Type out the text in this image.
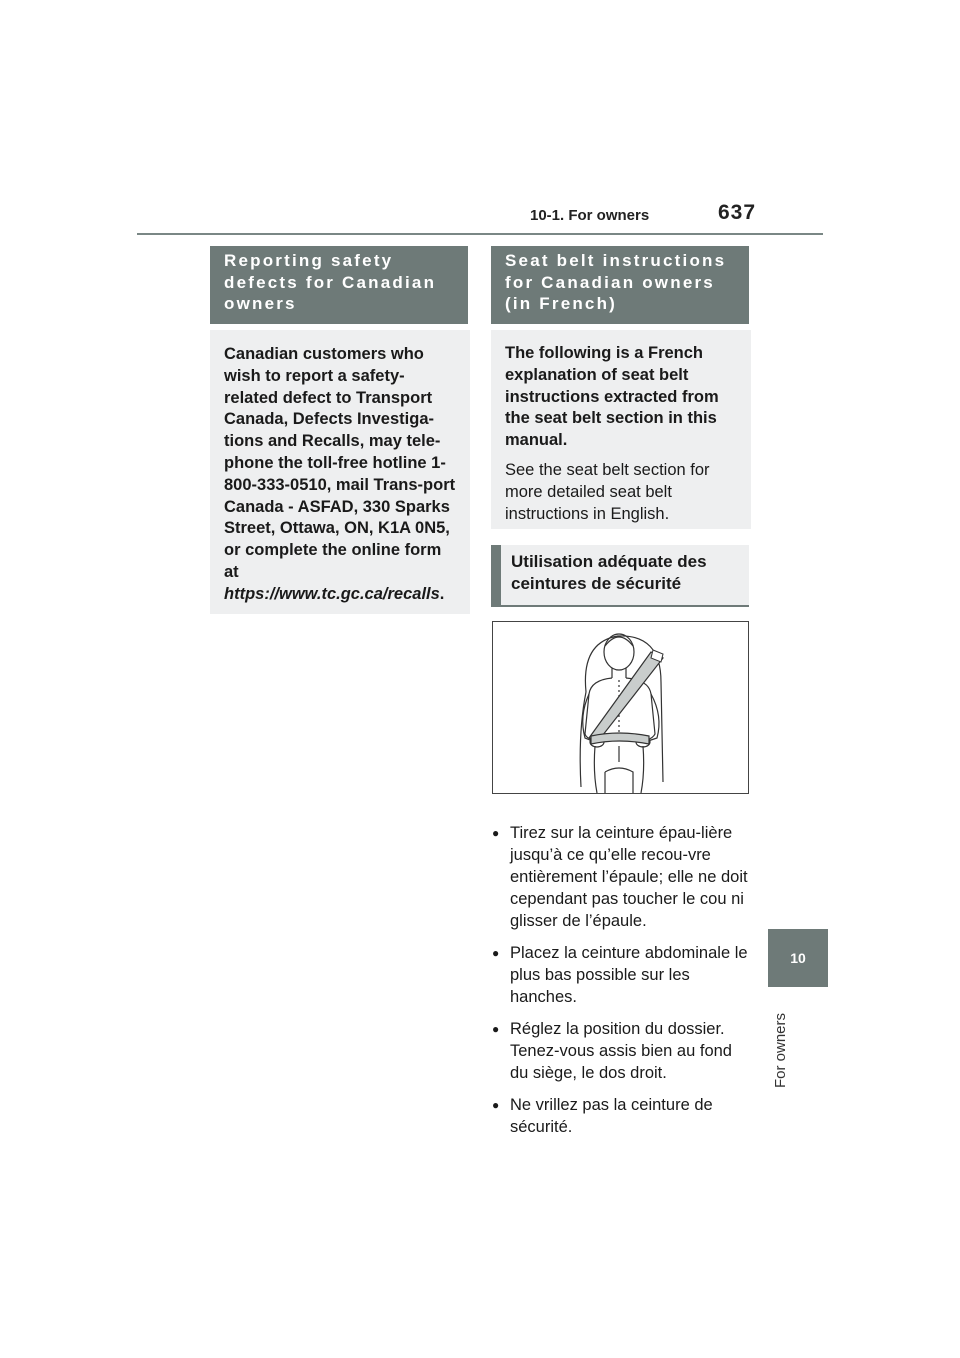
10-1. For owners	637
Reporting safety defects for Canadian owners
Canadian customers who wish to report a safety-related defect to Transport Canada, Defects Investiga-tions and Recalls, may tele-phone the toll-free hotline 1-800-333-0510, mail Trans-port Canada - ASFAD, 330 Sparks Street, Ottawa, ON, K1A 0N5, or complete the online form at https://www.tc.gc.ca/recalls.
Seat belt instructions for Canadian owners (in French)
The following is a French explanation of seat belt instructions extracted from the seat belt section in this manual.
See the seat belt section for more detailed seat belt instructions in English.
Utilisation adéquate des ceintures de sécurité
● Tirez sur la ceinture épau-lière jusqu’à ce qu’elle recou-vre entièrement l’épaule; elle ne doit cependant pas toucher le cou ni glisser de l’épaule.
● Placez la ceinture abdominale le plus bas possible sur les hanches.
● Réglez la position du dossier. Tenez-vous assis bien au fond du siège, le dos droit.
● Ne vrillez pas la ceinture de sécurité.
10
For owners
